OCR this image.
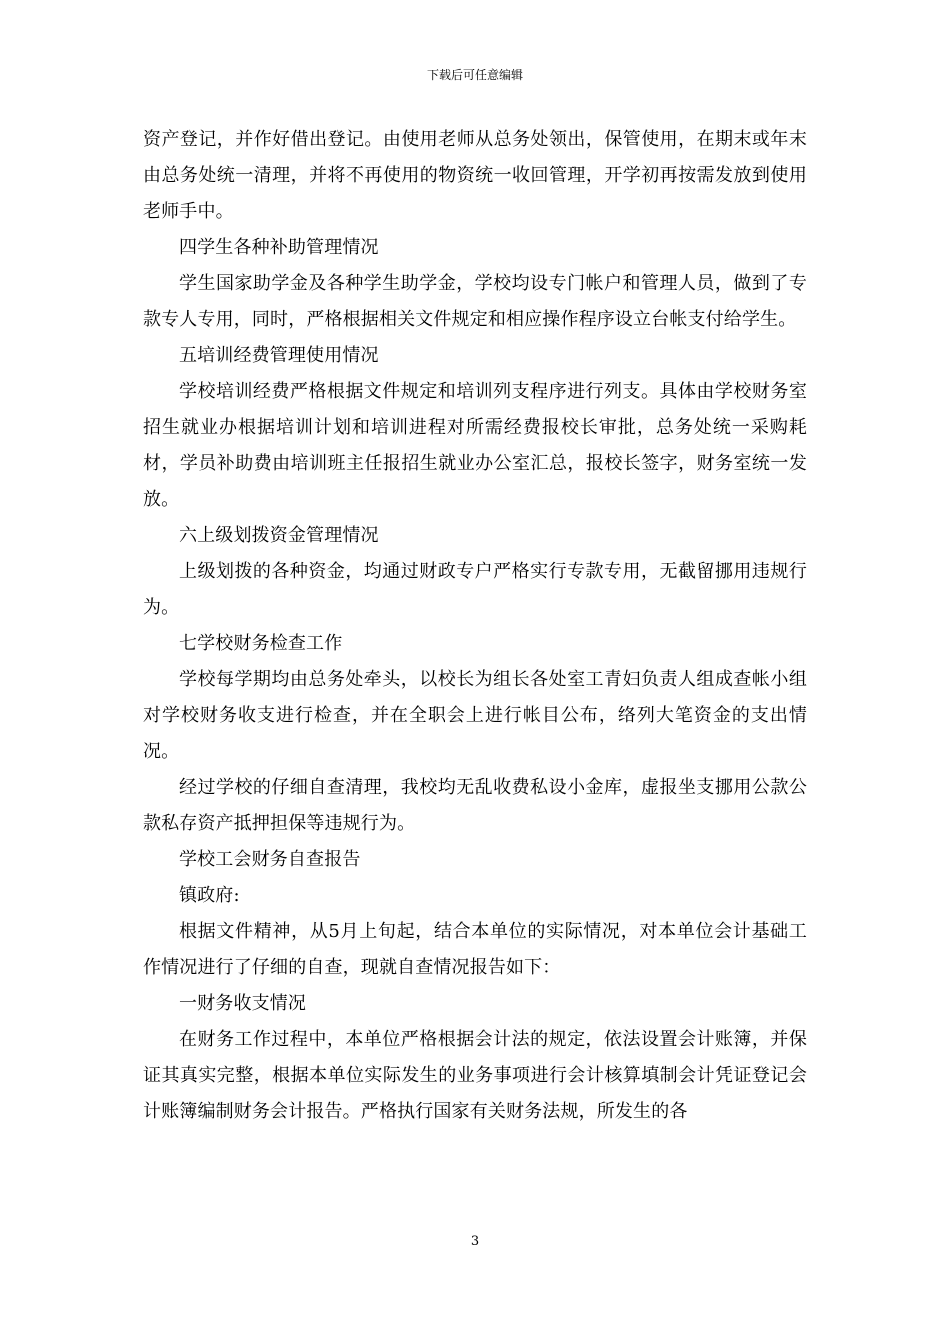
下载后可任意编辑

资产登记，并作好借出登记。由使用老师从总务处领出，保管使用，在期末或年末由总务处统一清理，并将不再使用的物资统一收回管理，开学初再按需发放到使用老师手中。

四学生各种补助管理情况

学生国家助学金及各种学生助学金，学校均设专门帐户和管理人员，做到了专款专人专用，同时，严格根据相关文件规定和相应操作程序设立台帐支付给学生。

五培训经费管理使用情况

学校培训经费严格根据文件规定和培训列支程序进行列支。具体由学校财务室招生就业办根据培训计划和培训进程对所需经费报校长审批，总务处统一采购耗材，学员补助费由培训班主任报招生就业办公室汇总，报校长签字，财务室统一发放。

六上级划拨资金管理情况

上级划拨的各种资金，均通过财政专户严格实行专款专用，无截留挪用违规行为。

七学校财务检查工作

学校每学期均由总务处牵头，以校长为组长各处室工青妇负责人组成查帐小组对学校财务收支进行检查，并在全职会上进行帐目公布，络列大笔资金的支出情况。

经过学校的仔细自查清理，我校均无乱收费私设小金库，虚报坐支挪用公款公款私存资产抵押担保等违规行为。

学校工会财务自查报告

镇政府:

根据文件精神，从5月上旬起，结合本单位的实际情况，对本单位会计基础工作情况进行了仔细的自查，现就自查情况报告如下：

一财务收支情况

在财务工作过程中，本单位严格根据会计法的规定，依法设置会计账簿，并保证其真实完整，根据本单位实际发生的业务事项进行会计核算填制会计凭证登记会计账簿编制财务会计报告。严格执行国家有关财务法规，所发生的各

3
